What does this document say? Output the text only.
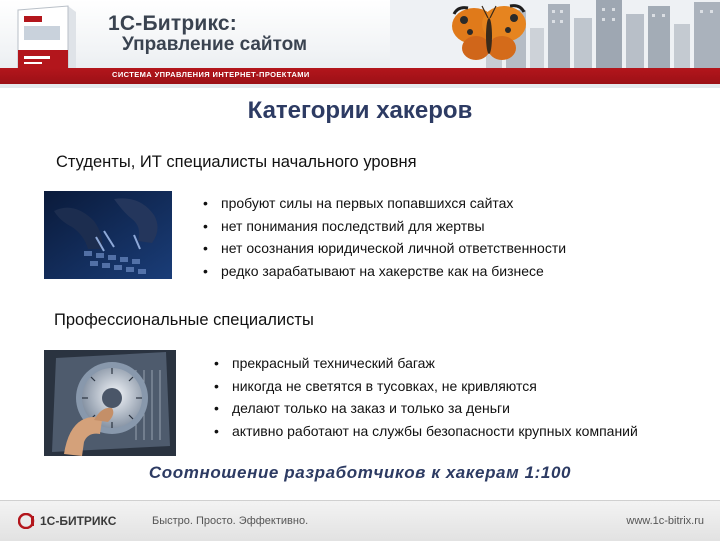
1С-Битрикс:
Управление сайтом
СИСТЕМА УПРАВЛЕНИЯ ИНТЕРНЕТ-ПРОЕКТАМИ
Категории хакеров
Студенты, ИТ специалисты начального уровня
• пробуют силы на первых попавшихся сайтах
• нет понимания последствий для жертвы
• нет осознания юридической личной ответственности
• редко зарабатывают на хакерстве как на бизнесе
Профессиональные специалисты
• прекрасный технический багаж
• никогда не светятся в тусовках, не кривляются
• делают только на заказ и только за деньги
• активно работают на службы безопасности крупных компаний
Соотношение разработчиков к хакерам 1:100
1С-БИТРИКС	Быстро. Просто. Эффективно.	www.1c-bitrix.ru
